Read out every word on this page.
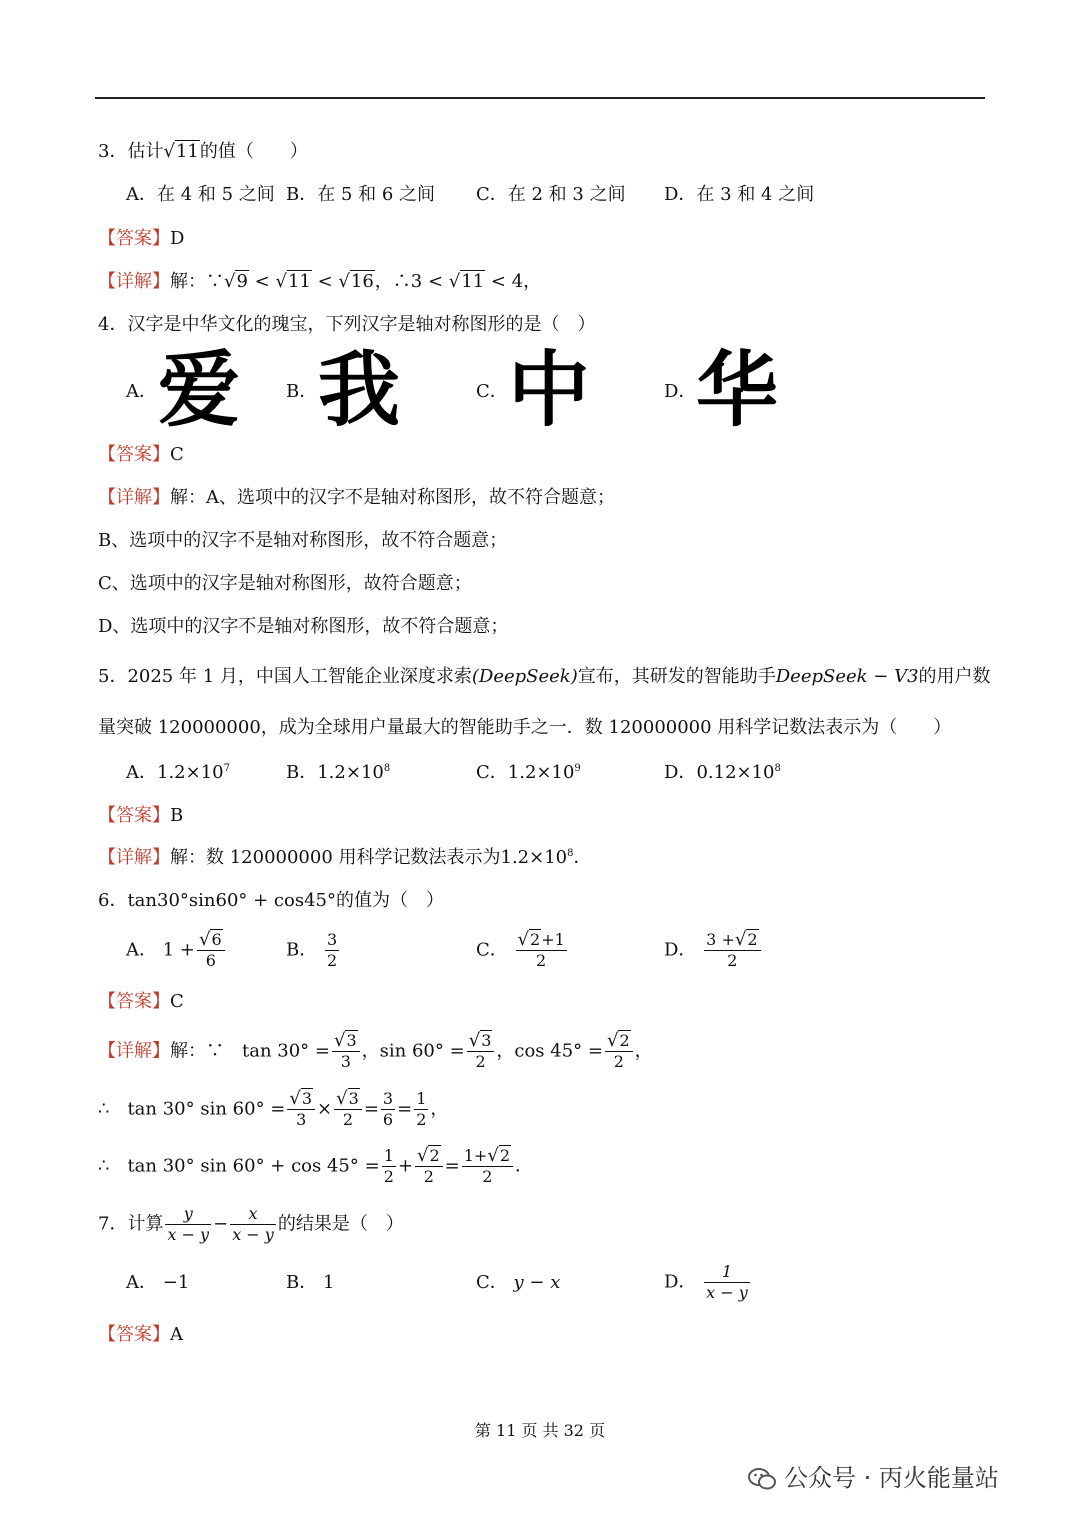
3．估计√11的值（　　）
A．在 4 和 5 之间 B．在 5 和 6 之间 C．在 2 和 3 之间 D．在 3 和 4 之间
【答案】D
【详解】解：∵√9 < √11 < √16，∴3 < √11 < 4，
4．汉字是中华文化的瑰宝，下列汉字是轴对称图形的是（　）
A． 爱	B． 我	C． 中	D． 华
【答案】C
【详解】解：A、选项中的汉字不是轴对称图形，故不符合题意；
B、选项中的汉字不是轴对称图形，故不符合题意；
C、选项中的汉字是轴对称图形，故符合题意；
D、选项中的汉字不是轴对称图形，故不符合题意；
5．2025 年 1 月，中国人工智能企业深度求索(DeepSeek)宣布，其研发的智能助手DeepSeek − V3的用户数
量突破 120000000，成为全球用户量最大的智能助手之一．数 120000000 用科学记数法表示为（　　）
A．$1.2\times 10^7$	B．$1.2\times 10^8$	C．$1.2\times 10^9$	D．$0.12\times 10^8$
【答案】B
【详解】解：数 120000000 用科学记数法表示为$1.2\times 10^8$．
6．tan30°sin60° + cos45°的值为（　）
A． $1 + \frac{√6}{6}$	B． $\frac{3}{2}$	C． $\frac{√2+1}{2}$	D． $\frac{3 +√2}{2}$
【答案】C
【详解】解：∵　$\tan 30^\circ = \frac{√3}{3}$ ，$\sin 60^\circ = \frac{√3}{2}$ ，$\cos 45^\circ = \frac{√2}{2}$ ，
∴　tan 30° $\sin 60^\circ = \frac{√3}{3} \times \frac{√3}{2} = \frac{3}{6} = \frac{1}{2}$ ，
∴　tan 30° $\sin 60^\circ + \cos 45^\circ = \frac{1}{2} + \frac{√2}{2} = \frac{1+√2}{2}$ ．
7．计算 $\frac{y}{x - y} - \frac{x}{x - y}$ 的结果是（　）
A． −1	B． 1	C． y − x	D． $\frac{1}{x - y}$
【答案】A
第 11 页 共 32 页
公众号 · 丙火能量站
